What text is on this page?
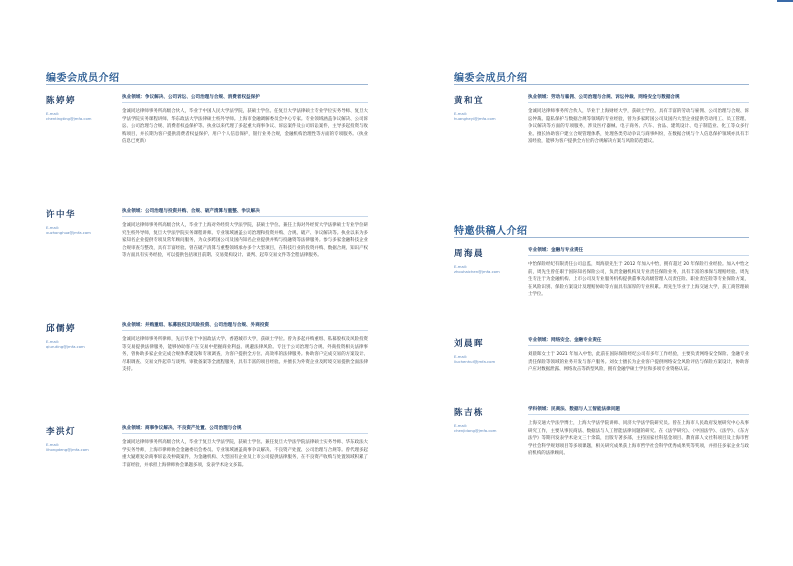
编委会成员介绍
陈婷婷
E-mail:
chentingting@jmfa.com
执业领域：争议解决、公司诉讼、公司治理与合规、消费者权益保护
金诚同达律师事务所高级合伙人，毕业于中国人民大学法学院，获硕士学位。任复旦大学法律硕士专业学位实务导师、复旦大学法学院实务课程讲师、华东政法大学法律硕士校外导师。上海市金融调解委员会中心专家。专业领域涵盖争议解决、公司诉讼、公司治理与合规、消费者权益保护等。执业以来代理了多起重大商事争议、诉讼案件及公司诉讼案件，主导多起投资与收购项目，并长期为客户提供消费者权益保护、用户个人信息保护，银行业务合规，金融机构治理性等方面的专项服务。（执业信息已更新）
许中华
E-mail:
xuzhonghua@jmfa.com
执业领域：公司治理与投资并购、合规、破产清算与重整、争议解决
金诚同达律师事务所高级合伙人，毕业于上海对外经贸大学法学院，获硕士学位。兼任上海对外经贸大学法律硕士专业学位研究生校外导师，复旦大学法学院实务课程讲师。专业领域涵盖公司治理和投资并购、合规、破产、争议解决等。执业以来为多家知名企业提供专项及常年顾问服务，为众多跨国公司及国内知名企业提供并购与投融资等法律服务。参与多家金融科技企业合规审查与整改，具有丰富经验。曾在破产清算与重整领域承办多个大型项目，在科技行业的投资并购、数据合规、知识产权等方面具有实务经验，可以提供包括项目前期、交易架构设计、谈判、起草交易文件等全程法律服务。
邱儒婷
E-mail:
qiuruting@jmfa.com
执业领域：并购重组、私募股权及风险投资、公司治理与合规、外商投资
金诚同达律师事务所律师，先后毕业于中国政法大学、香港城市大学，获硕士学位。曾为多起并购重组、私募股权及风险投资等交易提供法律服务，能够协助客户在交易中把握商业利益、规避法律风险。专注于公司治理与合规、外商投资相关法律事务，曾协助多家企业完成合规体系建设和专项调查，为客户提供全方位、高效率的法律服务。协助客户完成交易的方案设计、尽职调查、交易文件起草与谈判、审批备案等全流程服务，具有丰富的项目经验。并擅长为外资企业及跨境交易提供全面法律支持。
李洪灯
E-mail:
lihongdeng@jmfa.com
执业领域：商事争议解决、不良资产处置、公司治理与合规
金诚同达律师事务所高级合伙人，毕业于复旦大学法学院，获硕士学位。兼任复旦大学法学院法律硕士实务导师、华东政法大学实务导师，上海市律师协会金融委员会委员。专业领域涵盖商事争议解决、不良资产处置、公司治理与合规等。曾代理多起重大疑难复杂商事诉讼及仲裁案件，为金融机构、大型国有企业及上市公司提供法律服务，在不良资产收购与处置领域积累了丰富经验，并承担上海律师协会课题多项，发表学术论文多篇。
编委会成员介绍
黄和宜
E-mail:
huangheyi@jmfa.com
执业领域：劳动与雇佣、公司治理与合规、诉讼仲裁、网络安全与数据合规
金诚同达律师事务所合伙人，毕业于上海财经大学，获硕士学位。具有丰富的劳动与雇佣、公司治理与合规、诉讼仲裁、隐私保护与数据合规等领域的专业经验，曾为多家跨国公司及国内大型企业提供劳动用工、员工管理、争议解决等方面的专项服务，涉及医疗器械、电子商务、汽车、食品、建筑设计、电子制造业、化工等众多行业。擅长协助客户建立合规管理体系，处理各类劳动争议与商事纠纷，在数据合规与个人信息保护领域亦具有丰富经验，能够为客户提供全方位的合规解决方案与风险防范建议。
特邀供稿人介绍
周海晨
E-mail:
zhouhaichen@jmfa.com
专业领域：金融与专业责任
中怡保险经纪有限责任公司总监，周海晨先生于 2012 年加入中怡，拥有超过 20 年保险行业经验。加入中怡之前，周先生曾任职于国际知名保险公司，负责金融机构及专业责任保险业务，具有丰富的承保与理赔经验。周先生专注于为金融机构、上市公司及专业服务机构提供董事及高级管理人员责任险、职业责任险等专业保险方案，在风险识别、保险方案设计及理赔协助等方面具有深厚的专业积累。周先生毕业于上海交通大学，获工商管理硕士学位。
刘晨晖
E-mail:
liuchenhui@jmfa.com
专业领域：网络安全、金融专业责任
刘晨晖女士于 2021 年加入中怡，此前在国际保险经纪公司有多年工作经验，主要负责网络安全保险、金融专业责任保险等领域的业务开发与客户服务。刘女士擅长为企业客户提供网络安全风险评估与保险方案设计，协助客户应对数据泄露、网络攻击等新型风险，拥有金融学硕士学位和多项专业资格认证。
陈吉栋
E-mail:
chenjidong@jmfa.com
学科领域：民商法、数据与人工智能法律问题
上海交通大学法学博士，上海大学法学院讲师、同济大学法学院研究员。曾在上海市人民政府发展研究中心从事研究工作，主要从事民商法、数据法与人工智能法律问题的研究。在《法学研究》、《中国法学》、《法学》、《东方法学》等期刊发表学术论文三十余篇，出版专著多部，主持国家社科基金项目、教育部人文社科项目及上海市哲学社会科学规划项目等多项课题，相关研究成果获上海市哲学社会科学优秀成果奖等奖项，并担任多家企业与政府机构的法律顾问。
